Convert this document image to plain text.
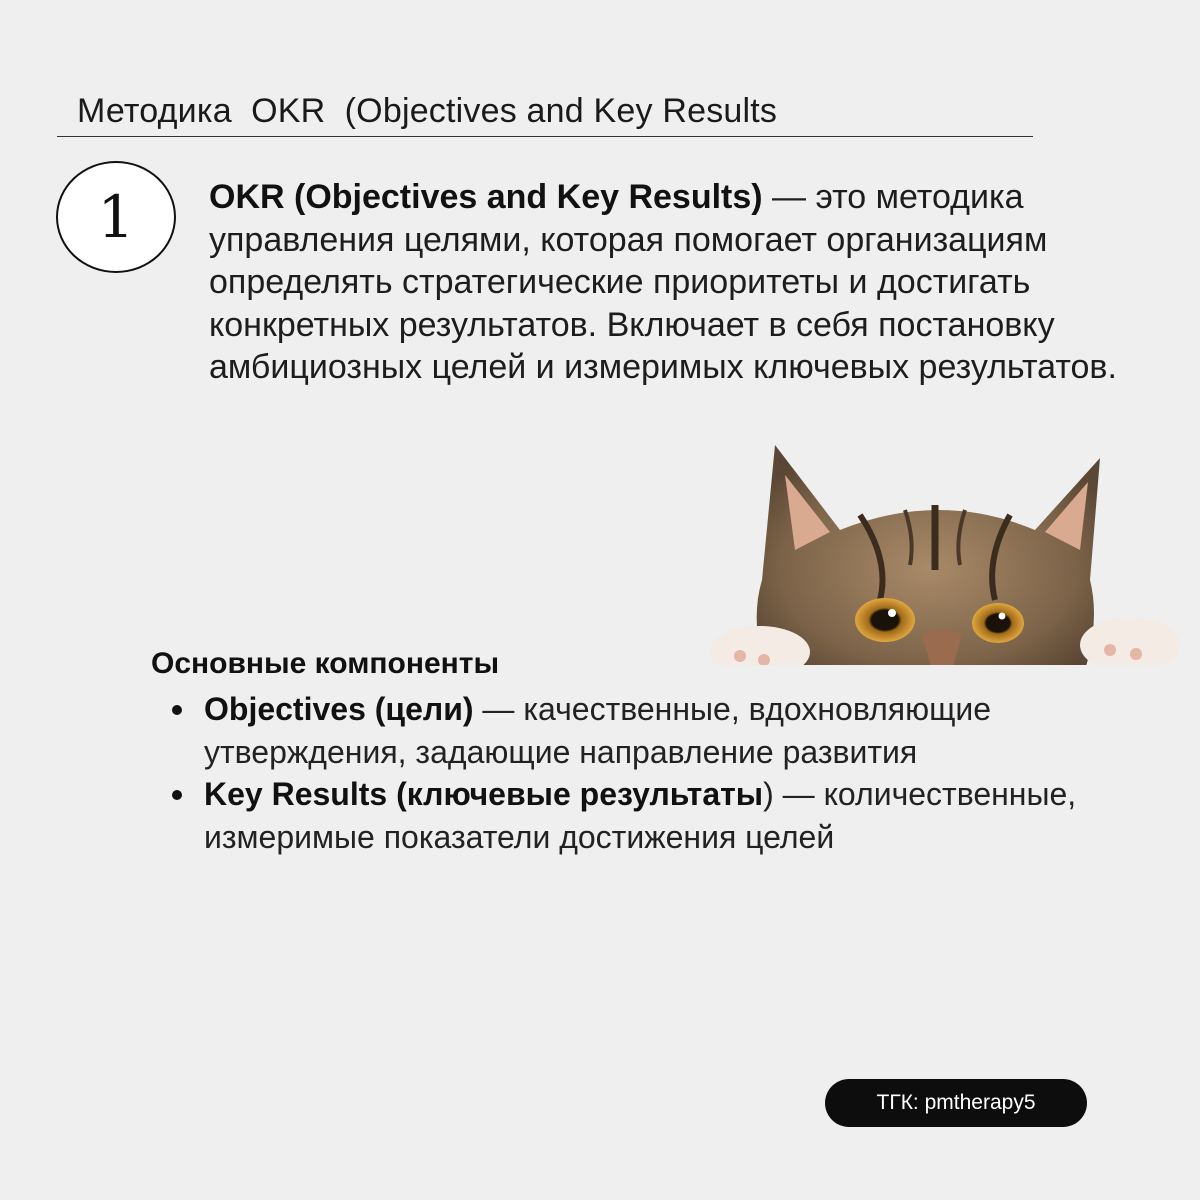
Методика  OKR  (Objectives and Key Results
1 OKR (Objectives and Key Results) — это методика управления целями, которая помогает организациям определять стратегические приоритеты и достигать конкретных результатов. Включает в себя постановку амбициозных целей и измеримых ключевых результатов.

Основные компоненты
Objectives (цели) — качественные, вдохновляющие утверждения, задающие направление развития
Key Results (ключевые результаты) — количественные, измеримые показатели достижения целей
ТГК: pmtherapy5
